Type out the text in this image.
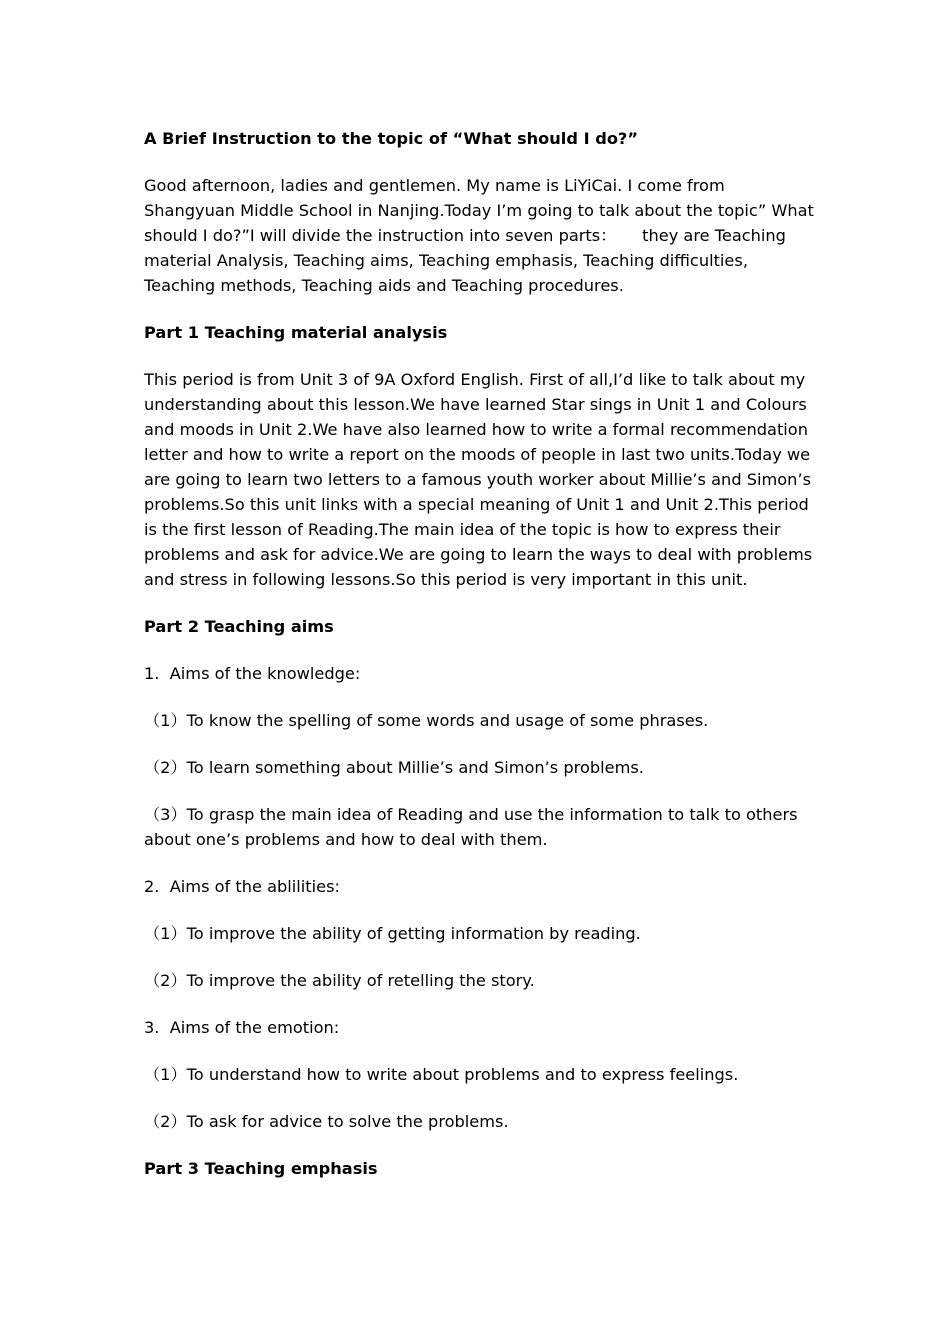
A Brief Instruction to the topic of “What should I do?”

Good afternoon, ladies and gentlemen. My name is LiYiCai. I come from Shangyuan Middle School in Nanjing.Today I’m going to talk about the topic” What should I do?”I will divide the instruction into seven parts：     they are Teaching material Analysis, Teaching aims, Teaching emphasis, Teaching difficulties, Teaching methods, Teaching aids and Teaching procedures.

Part 1 Teaching material analysis

This period is from Unit 3 of 9A Oxford English. First of all,I’d like to talk about my understanding about this lesson.We have learned Star sings in Unit 1 and Colours and moods in Unit 2.We have also learned how to write a formal recommendation letter and how to write a report on the moods of people in last two units.Today we are going to learn two letters to a famous youth worker about Millie’s and Simon’s problems.So this unit links with a special meaning of Unit 1 and Unit 2.This period is the first lesson of Reading.The main idea of the topic is how to express their problems and ask for advice.We are going to learn the ways to deal with problems and stress in following lessons.So this period is very important in this unit.

Part 2 Teaching aims

1.  Aims of the knowledge:

（1）To know the spelling of some words and usage of some phrases.

（2）To learn something about Millie’s and Simon’s problems.

（3）To grasp the main idea of Reading and use the information to talk to others about one’s problems and how to deal with them.

2.  Aims of the ablilities:

（1）To improve the ability of getting information by reading.

（2）To improve the ability of retelling the story.

3.  Aims of the emotion:

（1）To understand how to write about problems and to express feelings.

（2）To ask for advice to solve the problems.

Part 3 Teaching emphasis
